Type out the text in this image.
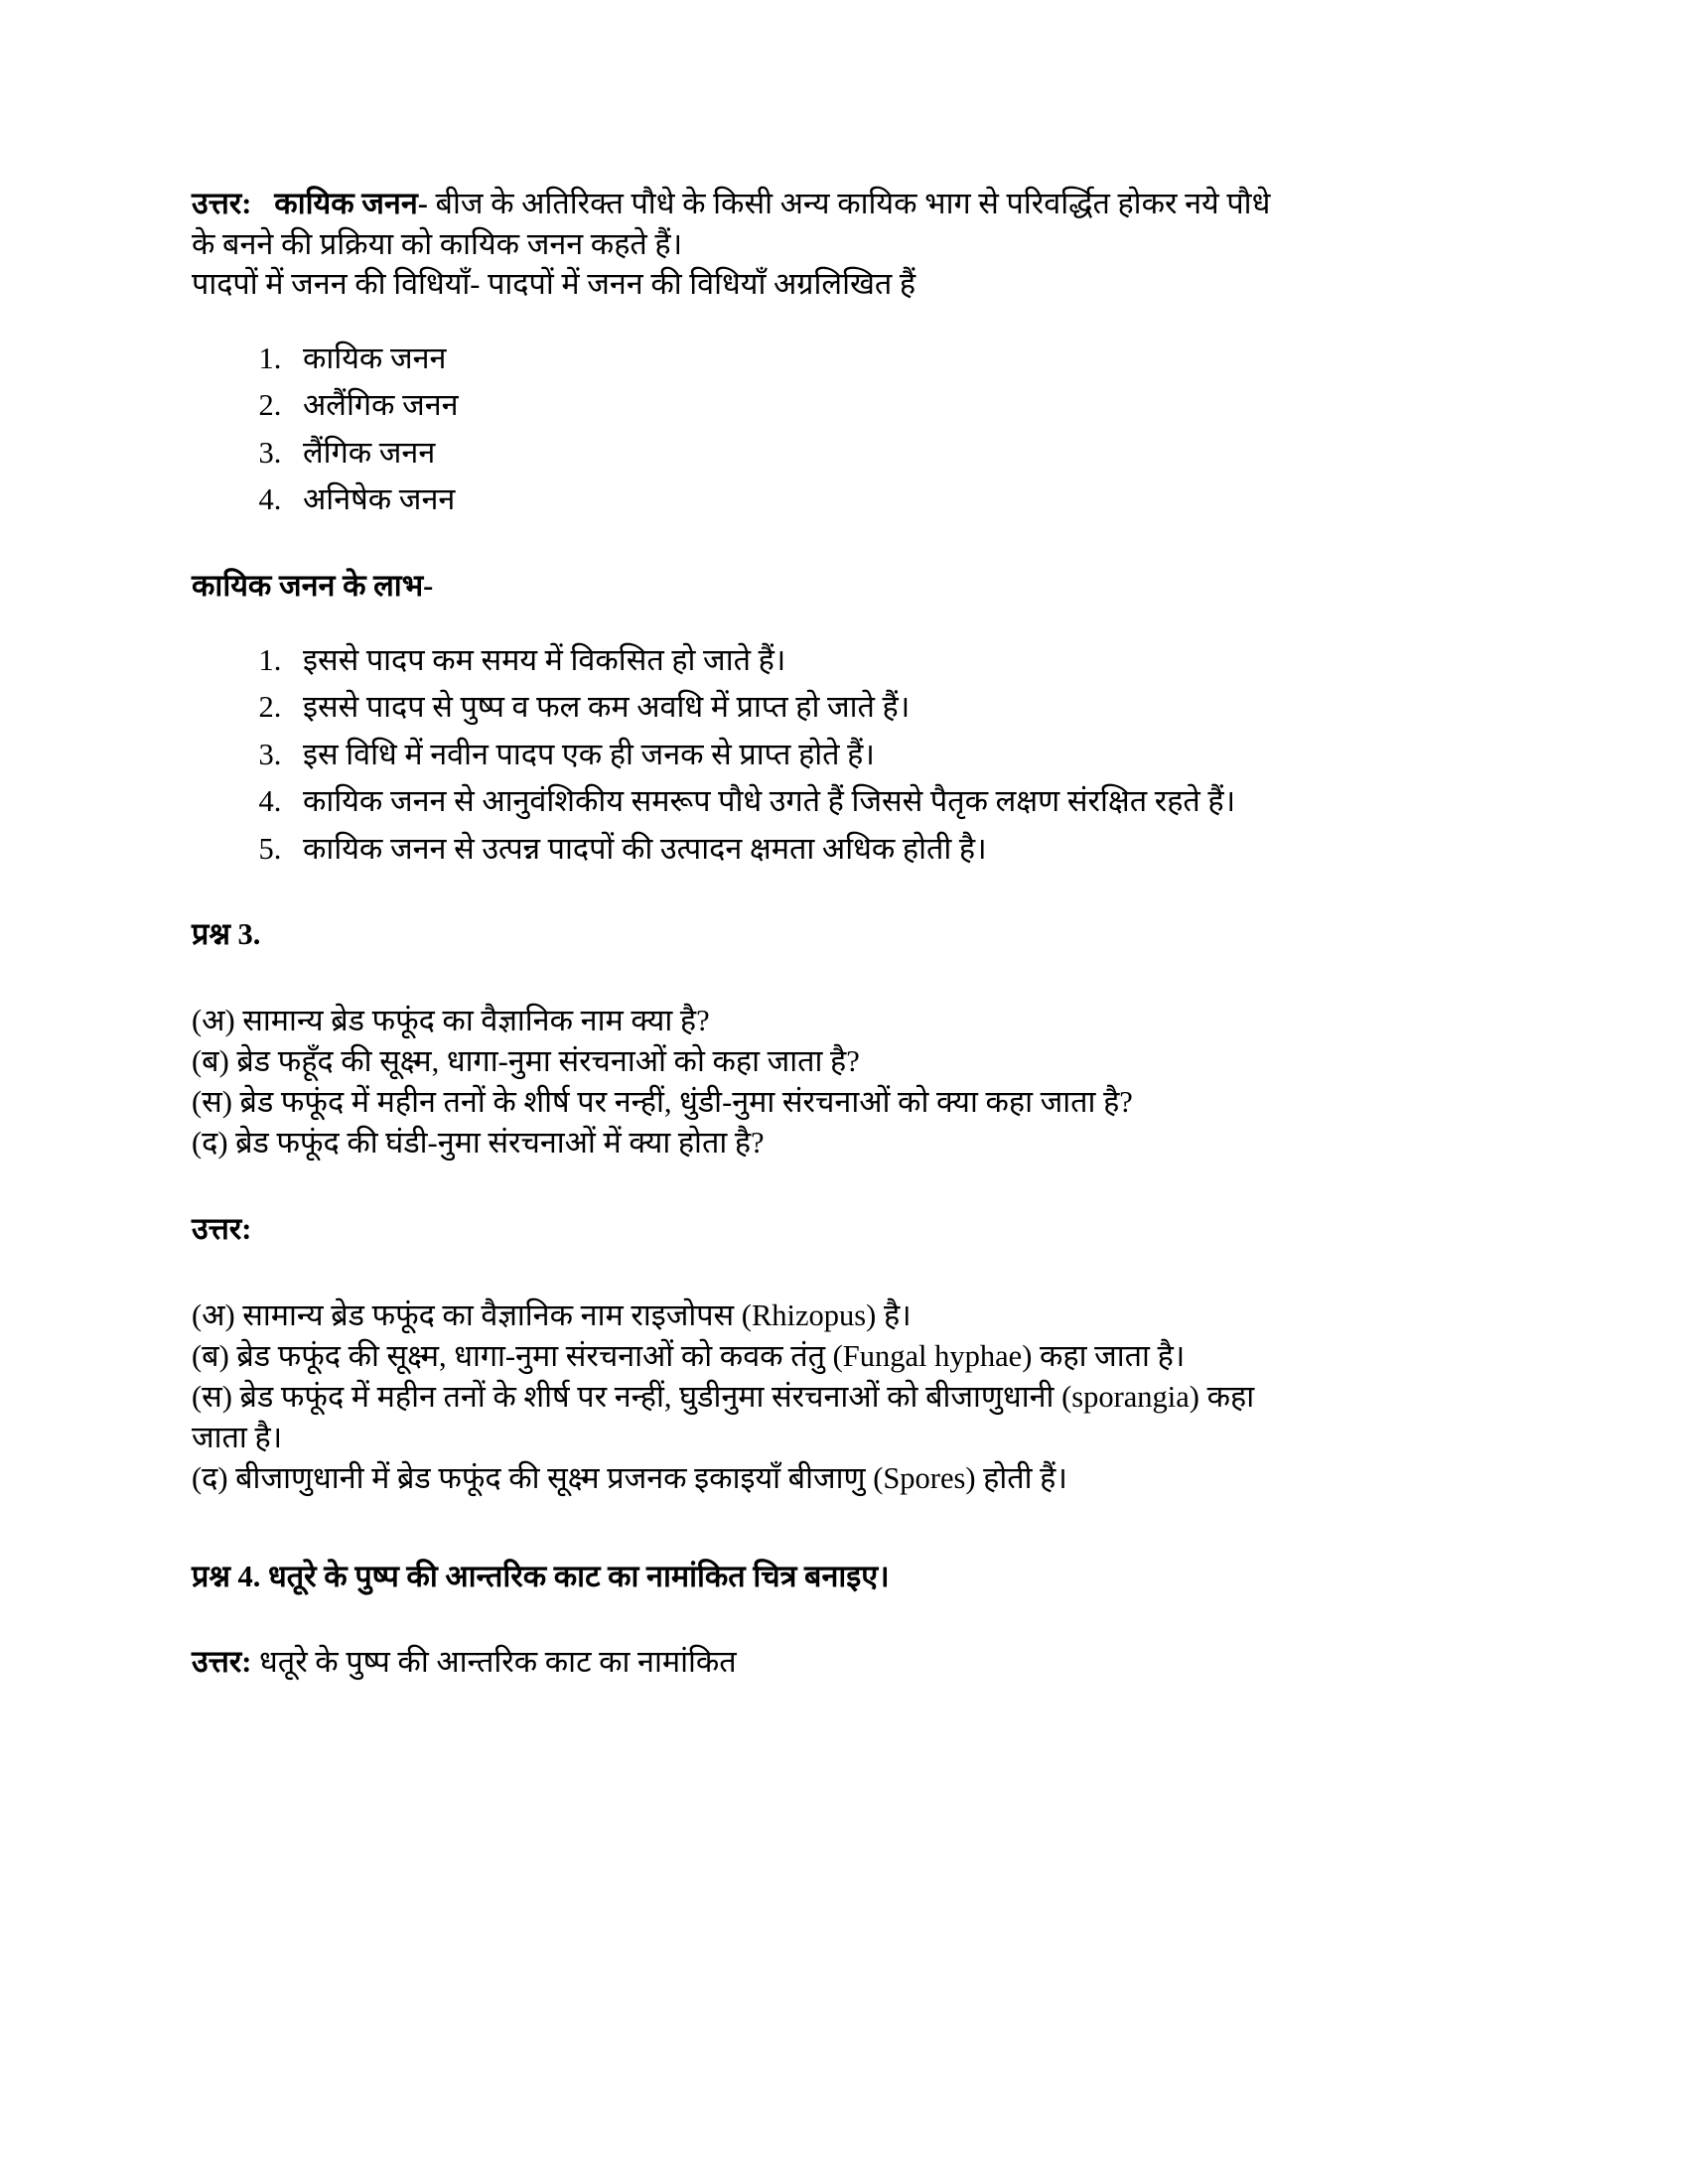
उत्तर: कायिक जनन- बीज के अतिरिक्त पौधे के किसी अन्य कायिक भाग से परिवर्द्धित होकर नये पौधे

के बनने की प्रक्रिया को कायिक जनन कहते हैं।

पादपों में जनन की विधियाँ- पादपों में जनन की विधियाँ अग्रलिखित हैं

1. कायिक जनन
2. अलैंगिक जनन
3. लैंगिक जनन
4. अनिषेक जनन

कायिक जनन के लाभ-

1. इससे पादप कम समय में विकसित हो जाते हैं।
2. इससे पादप से पुष्प व फल कम अवधि में प्राप्त हो जाते हैं।
3. इस विधि में नवीन पादप एक ही जनक से प्राप्त होते हैं।
4. कायिक जनन से आनुवंशिकीय समरूप पौधे उगते हैं जिससे पैतृक लक्षण संरक्षित रहते हैं।
5. कायिक जनन से उत्पन्न पादपों की उत्पादन क्षमता अधिक होती है।

प्रश्न 3.

(अ) सामान्य ब्रेड फफूंद का वैज्ञानिक नाम क्या है?

(ब) ब्रेड फहूँद की सूक्ष्म, धागा-नुमा संरचनाओं को कहा जाता है?

(स) ब्रेड फफूंद में महीन तनों के शीर्ष पर नन्हीं, धुंडी-नुमा संरचनाओं को क्या कहा जाता है?

(द) ब्रेड फफूंद की घंडी-नुमा संरचनाओं में क्या होता है?

उत्तर:

(अ) सामान्य ब्रेड फफूंद का वैज्ञानिक नाम राइजोपस (Rhizopus) है।

(ब) ब्रेड फफूंद की सूक्ष्म, धागा-नुमा संरचनाओं को कवक तंतु (Fungal hyphae) कहा जाता है।

(स) ब्रेड फफूंद में महीन तनों के शीर्ष पर नन्हीं, घुडीनुमा संरचनाओं को बीजाणुधानी (sporangia) कहा

जाता है।

(द) बीजाणुधानी में ब्रेड फफूंद की सूक्ष्म प्रजनक इकाइयाँ बीजाणु (Spores) होती हैं।

प्रश्न 4. धतूरे के पुष्प की आन्तरिक काट का नामांकित चित्र बनाइए।

उत्तर: धतूरे के पुष्प की आन्तरिक काट का नामांकित
